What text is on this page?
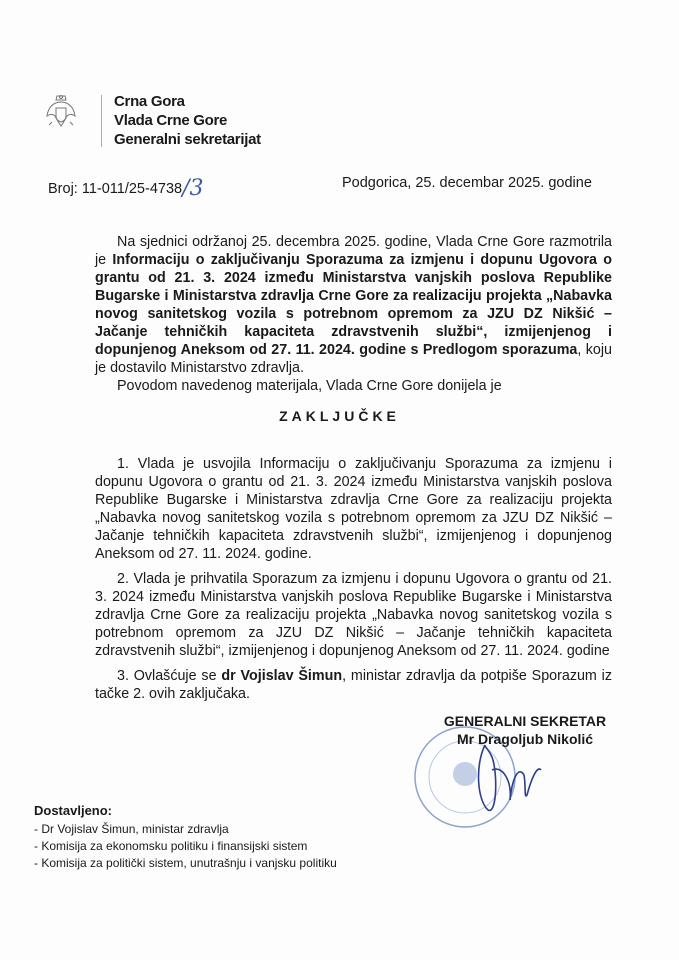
Crna Gora
Vlada Crne Gore
Generalni sekretarijat
Broj: 11-011/25-4738/3	Podgorica, 25. decembar 2025. godine

Na sjednici održanoj 25. decembra 2025. godine, Vlada Crne Gore razmotrila je Informaciju o zaključivanju Sporazuma za izmjenu i dopunu Ugovora o grantu od 21. 3. 2024 između Ministarstva vanjskih poslova Republike Bugarske i Ministarstva zdravlja Crne Gore za realizaciju projekta „Nabavka novog sanitetskog vozila s potrebnom opremom za JZU DZ Nikšić – Jačanje tehničkih kapaciteta zdravstvenih službi“, izmijenjenog i dopunjenog Aneksom od 27. 11. 2024. godine s Predlogom sporazuma, koju je dostavilo Ministarstvo zdravlja.

Povodom navedenog materijala, Vlada Crne Gore donijela je

ZAKLJUČKE

1. Vlada je usvojila Informaciju o zaključivanju Sporazuma za izmjenu i dopunu Ugovora o grantu od 21. 3. 2024 između Ministarstva vanjskih poslova Republike Bugarske i Ministarstva zdravlja Crne Gore za realizaciju projekta „Nabavka novog sanitetskog vozila s potrebnom opremom za JZU DZ Nikšić – Jačanje tehničkih kapaciteta zdravstvenih službi“, izmijenjenog i dopunjenog Aneksom od 27. 11. 2024. godine.

2. Vlada je prihvatila Sporazum za izmjenu i dopunu Ugovora o grantu od 21. 3. 2024 između Ministarstva vanjskih poslova Republike Bugarske i Ministarstva zdravlja Crne Gore za realizaciju projekta „Nabavka novog sanitetskog vozila s potrebnom opremom za JZU DZ Nikšić – Jačanje tehničkih kapaciteta zdravstvenih službi“, izmijenjenog i dopunjenog Aneksom od 27. 11. 2024. godine

3. Ovlašćuje se dr Vojislav Šimun, ministar zdravlja da potpiše Sporazum iz tačke 2. ovih zaključaka.

GENERALNI SEKRETAR
Mr Dragoljub Nikolić
Dostavljeno:
- Dr Vojislav Šimun, ministar zdravlja
- Komisija za ekonomsku politiku i finansijski sistem
- Komisija za politički sistem, unutrašnju i vanjsku politiku
